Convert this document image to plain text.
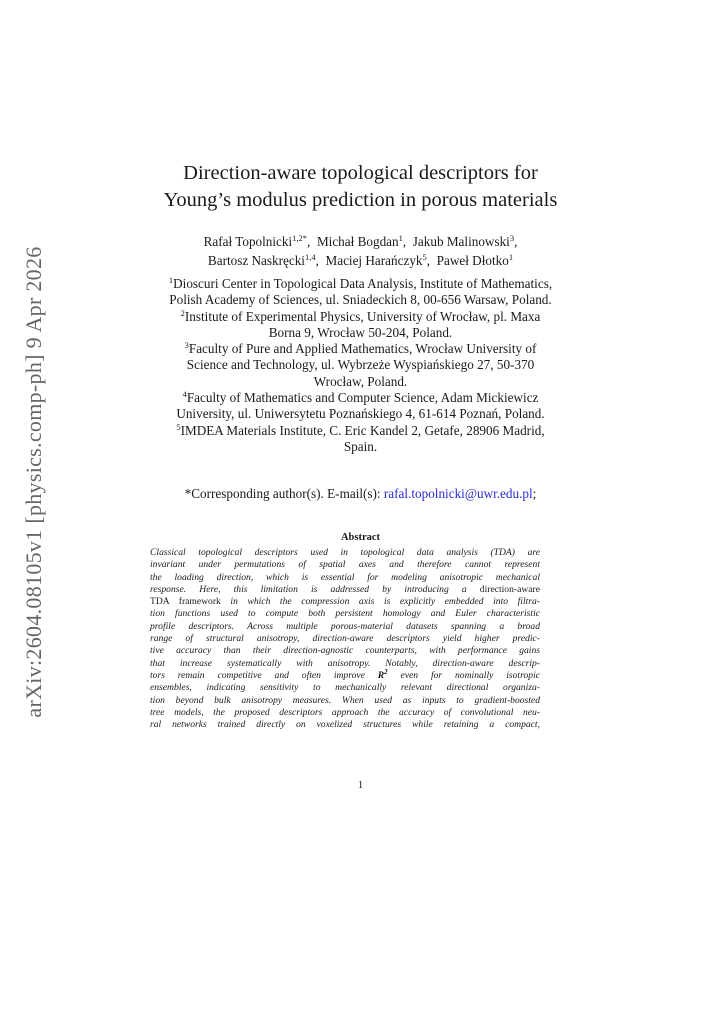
arXiv:2604.08105v1 [physics.comp-ph] 9 Apr 2026
Direction-aware topological descriptors for
Young’s modulus prediction in porous materials
Rafał Topolnicki$^{1,2*}$,  Michał Bogdan$^1$,  Jakub Malinowski$^3$,
Bartosz Naskręcki$^{1,4}$,  Maciej Harańczyk$^5$,  Paweł Dłotko$^1$
$^1$Dioscuri Center in Topological Data Analysis, Institute of Mathematics,
Polish Academy of Sciences, ul. Sniadeckich 8, 00-656 Warsaw, Poland.
$^2$Institute of Experimental Physics, University of Wrocław, pl. Maxa
Borna 9, Wrocław 50-204, Poland.
$^3$Faculty of Pure and Applied Mathematics, Wrocław University of
Science and Technology, ul. Wybrzeże Wyspiańskiego 27, 50-370
Wrocław, Poland.
$^4$Faculty of Mathematics and Computer Science, Adam Mickiewicz
University, ul. Uniwersytetu Poznańskiego 4, 61-614 Poznań, Poland.
$^5$IMDEA Materials Institute, C. Eric Kandel 2, Getafe, 28906 Madrid,
Spain.
*Corresponding author(s). E-mail(s): rafal.topolnicki@uwr.edu.pl;
Abstract
Classical topological descriptors used in topological data analysis (TDA) are
invariant under permutations of spatial axes and therefore cannot represent
the loading direction, which is essential for modeling anisotropic mechanical
response. Here, this limitation is addressed by introducing a direction-aware
TDA framework in which the compression axis is explicitly embedded into filtra-
tion functions used to compute both persistent homology and Euler characteristic
profile descriptors. Across multiple porous-material datasets spanning a broad
range of structural anisotropy, direction-aware descriptors yield higher predic-
tive accuracy than their direction-agnostic counterparts, with performance gains
that increase systematically with anisotropy. Notably, direction-aware descrip-
tors remain competitive and often improve $R^2$ even for nominally isotropic
ensembles, indicating sensitivity to mechanically relevant directional organiza-
tion beyond bulk anisotropy measures. When used as inputs to gradient-boosted
tree models, the proposed descriptors approach the accuracy of convolutional neu-
ral networks trained directly on voxelized structures while retaining a compact,
1
